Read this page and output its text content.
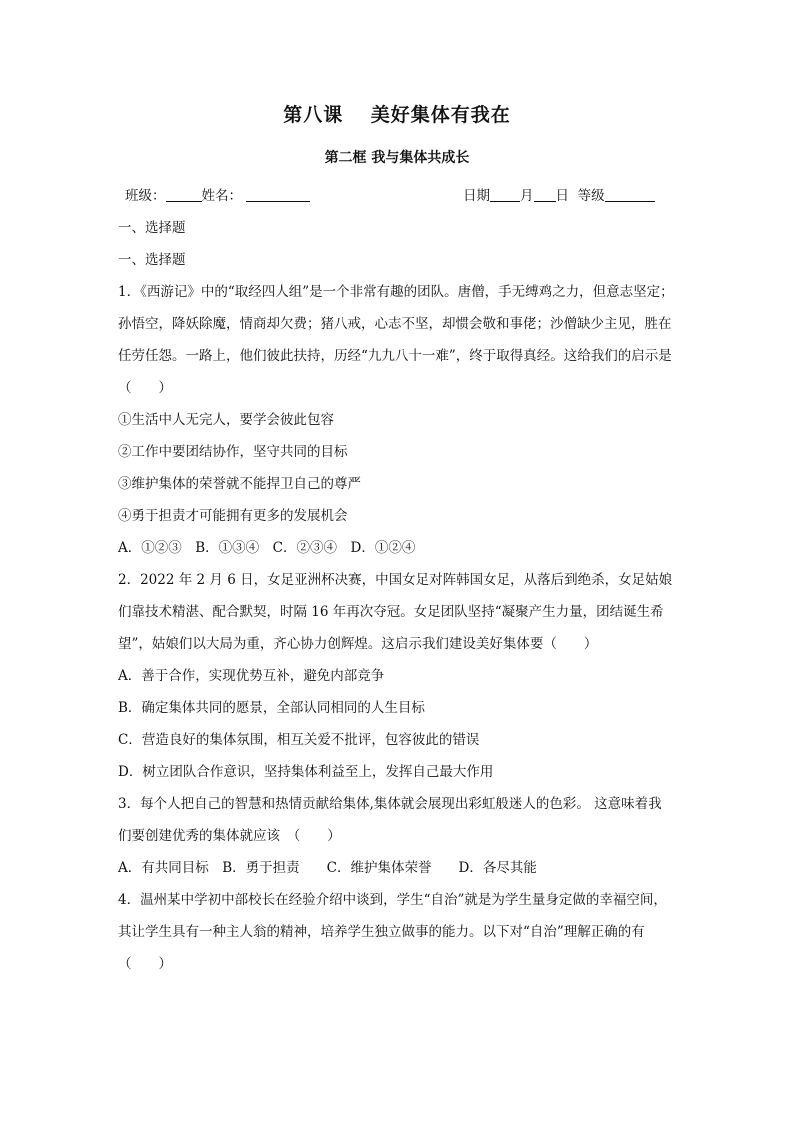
第八课　 美好集体有我在
第二框 我与集体共成长
班级：	姓名：	日期 月 日 等级
一、选择题
一、选择题
1．《西游记》中的“取经四人组”是一个非常有趣的团队。唐僧，手无缚鸡之力，但意志坚定；孙悟空，降妖除魔，情商却欠费；猪八戒，心志不坚，却惯会敬和事佬；沙僧缺少主见，胜在任劳任怨。一路上，他们彼此扶持，历经“九九八十一难”，终于取得真经。这给我们的启示是（　　）
①生活中人无完人，要学会彼此包容
②工作中要团结协作，坚守共同的目标
③维护集体的荣誉就不能捍卫自己的尊严
④勇于担责才可能拥有更多的发展机会
A．①②③　B．①③④　C．②③④　D．①②④
2．2022 年 2 月 6 日，女足亚洲杯决赛，中国女足对阵韩国女足，从落后到绝杀，女足姑娘们靠技术精湛、配合默契，时隔 16 年再次夺冠。女足团队坚持“凝聚产生力量，团结诞生希望”，姑娘们以大局为重，齐心协力创辉煌。这启示我们建设美好集体要（　　）
A．善于合作，实现优势互补，避免内部竞争
B．确定集体共同的愿景，全部认同相同的人生目标
C．营造良好的集体氛围，相互关爱不批评，包容彼此的错误
D．树立团队合作意识，坚持集体利益至上，发挥自己最大作用
3．每个人把自己的智慧和热情贡献给集体,集体就会展现出彩虹般迷人的色彩。 这意味着我们要创建优秀的集体就应该　（　　）
A．有共同目标　B．勇于担责　　C．维护集体荣誉　　D．各尽其能
4．温州某中学初中部校长在经验介绍中谈到，学生“自治”就是为学生量身定做的幸福空间，其让学生具有一种主人翁的精神，培养学生独立做事的能力。以下对“自治”理解正确的有（　　）
